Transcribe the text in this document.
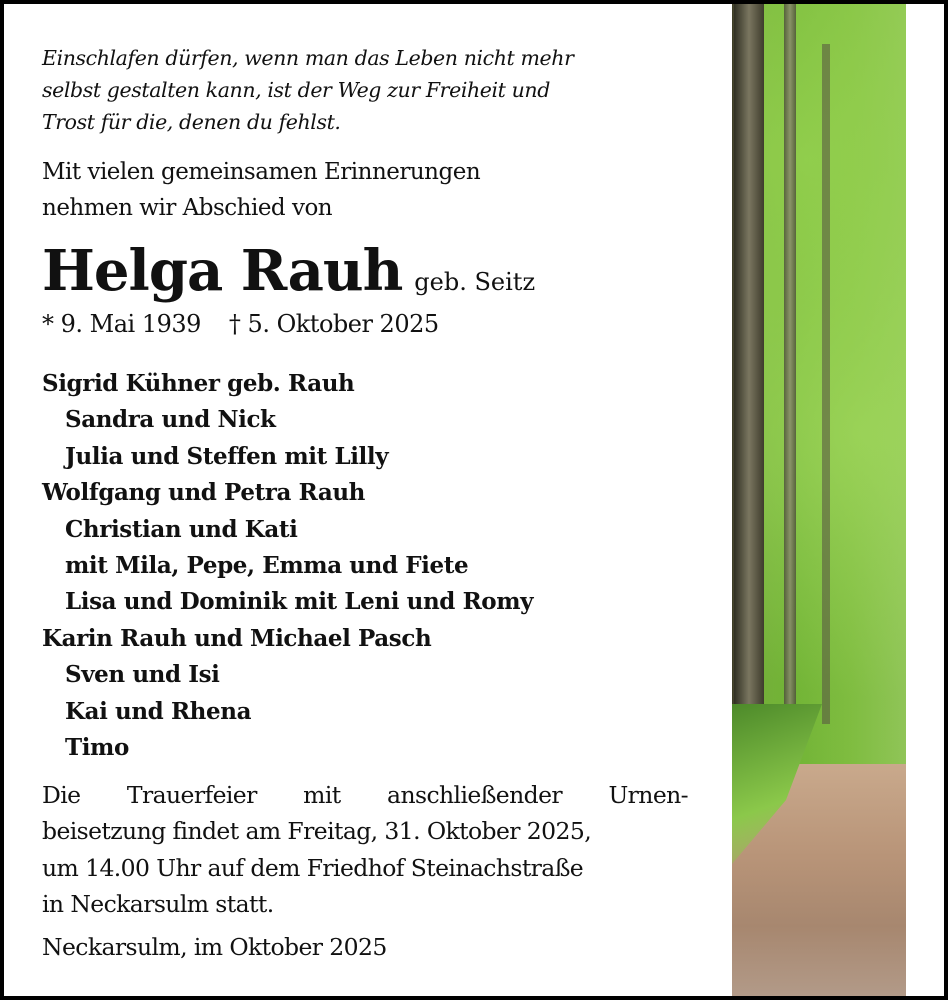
Einschlafen dürfen, wenn man das Leben nicht mehr
selbst gestalten kann, ist der Weg zur Freiheit und
Trost für die, denen du fehlst.
Mit vielen gemeinsamen Erinnerungen
nehmen wir Abschied von
Helga Rauh geb. Seitz
* 9. Mai 1939 † 5. Oktober 2025
Sigrid Kühner geb. Rauh
Sandra und Nick
Julia und Steffen mit Lilly
Wolfgang und Petra Rauh
Christian und Kati
mit Mila, Pepe, Emma und Fiete
Lisa und Dominik mit Leni und Romy
Karin Rauh und Michael Pasch
Sven und Isi
Kai und Rhena
Timo
Die Trauerfeier mit anschließender Urnen-
beisetzung findet am Freitag, 31. Oktober 2025,
um 14.00 Uhr auf dem Friedhof Steinachstraße
in Neckarsulm statt.
Neckarsulm, im Oktober 2025
